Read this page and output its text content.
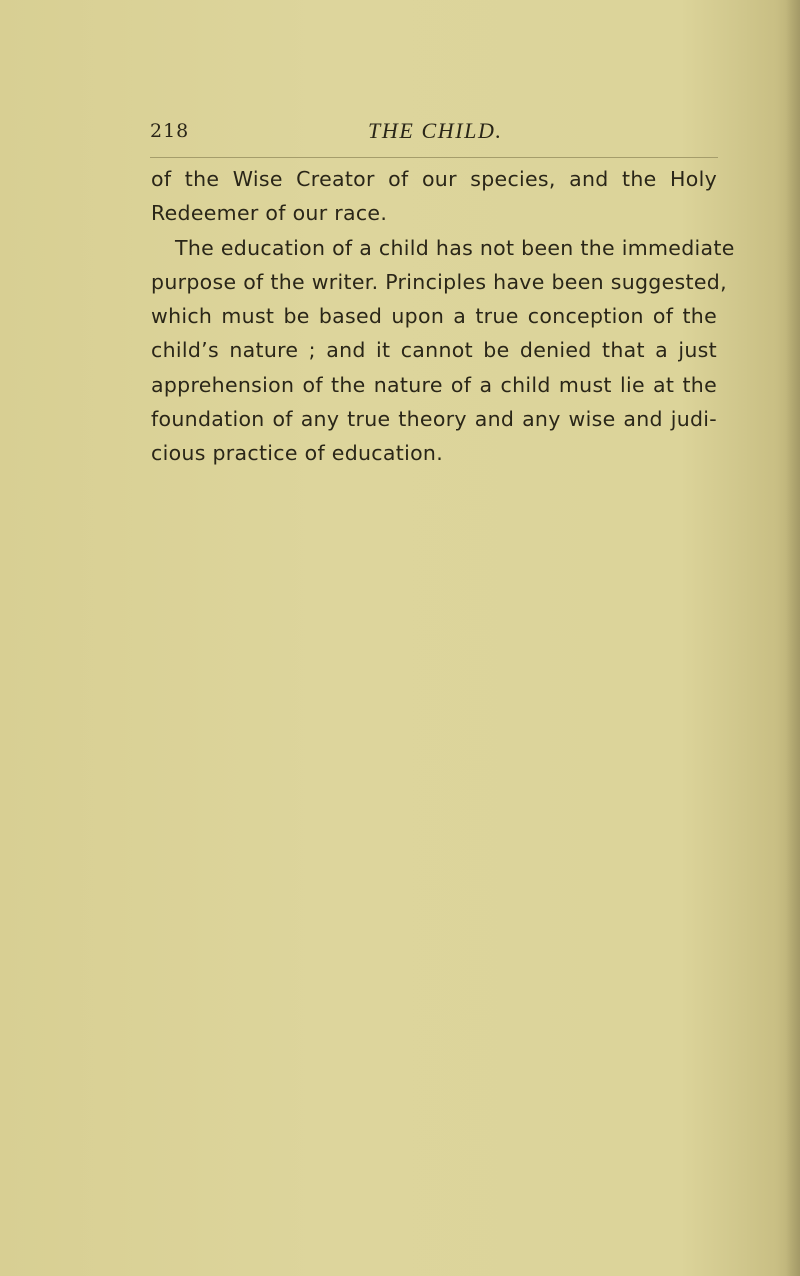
218	THE CHILD.
of the Wise Creator of our species, and the Holy
Redeemer of our race.
The education of a child has not been the immediate
purpose of the writer. Principles have been suggested,
which must be based upon a true conception of the
child’s nature ; and it cannot be denied that a just
apprehension of the nature of a child must lie at the
foundation of any true theory and any wise and judi-
cious practice of education.
